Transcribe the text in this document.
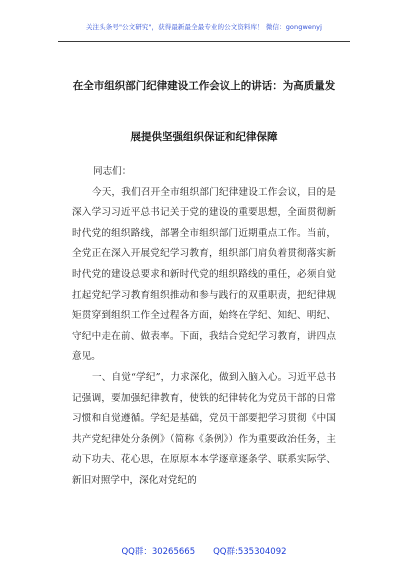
关注头条号"公文研究"，获得最新最全最专业的公文资料库！ 微信：gongwenyj
在全市组织部门纪律建设工作会议上的讲话：为高质量发
展提供坚强组织保证和纪律保障

同志们：

今天，我们召开全市组织部门纪律建设工作会议，目的是深入学习习近平总书记关于党的建设的重要思想，全面贯彻新时代党的组织路线，部署全市组织部门近期重点工作。当前，全党正在深入开展党纪学习教育，组织部门肩负着贯彻落实新时代党的建设总要求和新时代党的组织路线的重任，必须自觉扛起党纪学习教育组织推动和参与践行的双重职责，把纪律规矩贯穿到组织工作全过程各方面，始终在学纪、知纪、明纪、守纪中走在前、做表率。下面，我结合党纪学习教育，讲四点意见。

一、自觉“学纪”，力求深化，做到入脑入心。习近平总书记强调，要加强纪律教育，使铁的纪律转化为党员干部的日常习惯和自觉遵循。学纪是基础，党员干部要把学习贯彻《中国共产党纪律处分条例》（简称《条例》）作为重要政治任务，主动下功夫、花心思，在原原本本学逐章逐条学、联系实际学、新旧对照学中，深化对党纪的

QQ群：30265665 QQ群:535304092
